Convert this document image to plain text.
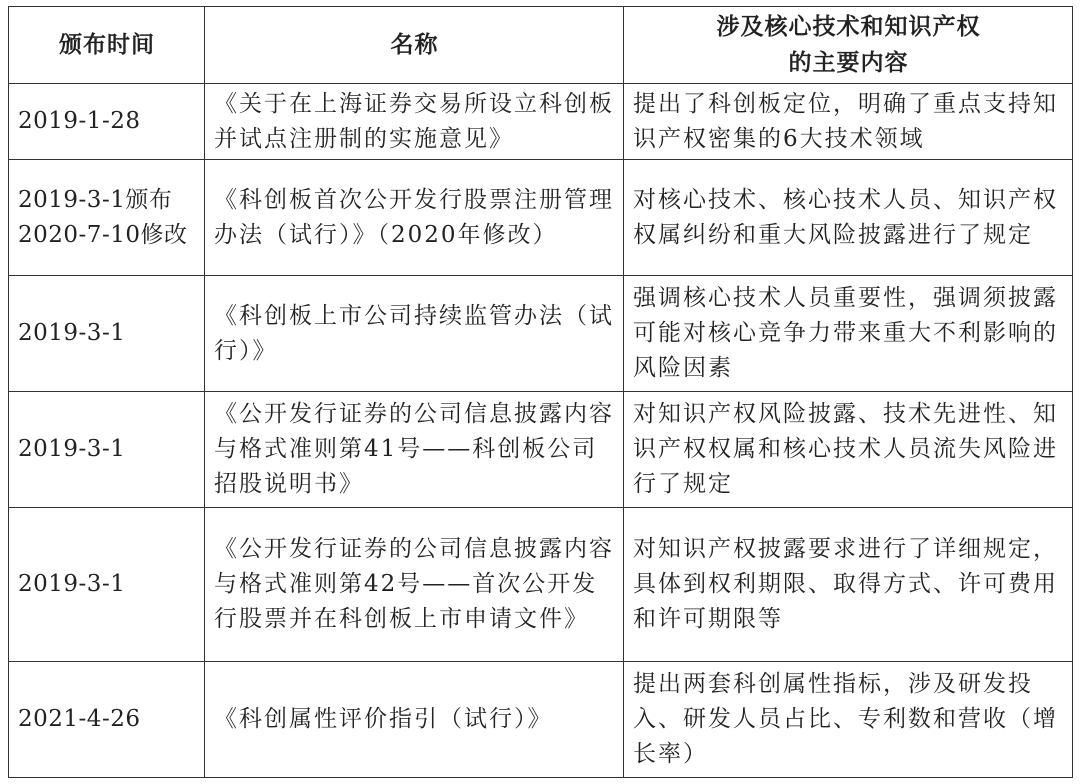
颁布时间	名称	涉及核心技术和知识产权
的主要内容

2019-1-28	《关于在上海证券交易所设立科创板并试点注册制的实施意见》	提出了科创板定位，明确了重点支持知识产权密集的6大技术领域

2019-3-1颁布
2020-7-10修改	《科创板首次公开发行股票注册管理办法（试行）》（2020年修改）	对核心技术、核心技术人员、知识产权权属纠纷和重大风险披露进行了规定
2019-3-1	《科创板上市公司持续监管办法（试行）》	强调核心技术人员重要性，强调须披露可能对核心竞争力带来重大不利影响的风险因素
2019-3-1	《公开发行证券的公司信息披露内容与格式准则第41号——科创板公司招股说明书》	对知识产权风险披露、技术先进性、知识产权权属和核心技术人员流失风险进行了规定
2019-3-1	《公开发行证券的公司信息披露内容与格式准则第42号——首次公开发行股票并在科创板上市申请文件》	对知识产权披露要求进行了详细规定，具体到权利期限、取得方式、许可费用和许可期限等
2021-4-26	《科创属性评价指引（试行）》	提出两套科创属性指标，涉及研发投入、研发人员占比、专利数和营收（增长率）
